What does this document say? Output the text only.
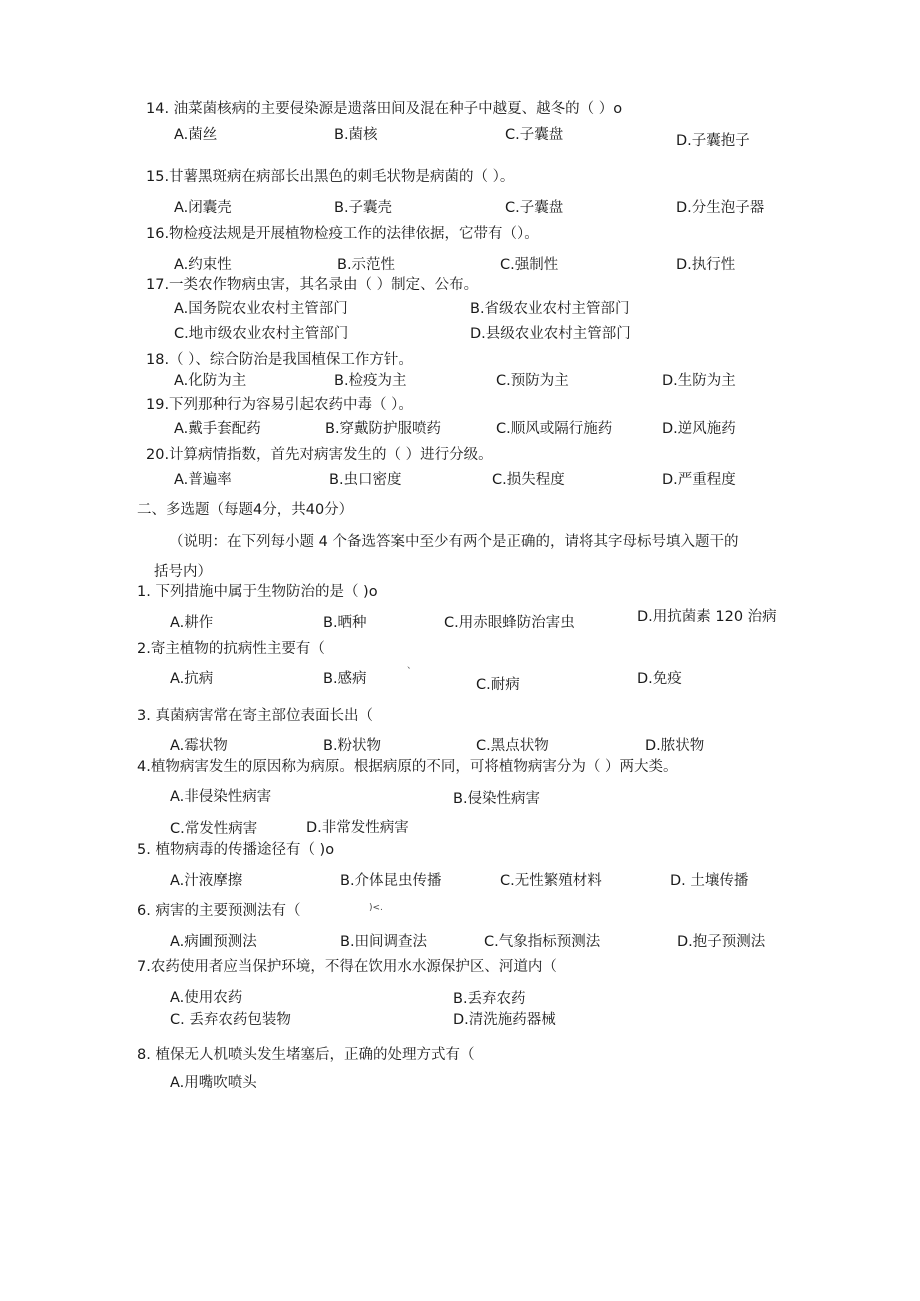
14. 油菜菌核病的主要侵染源是遗落田间及混在种子中越夏、越冬的（ ）o
A.菌丝	B.菌核	C.子囊盘	D.子囊抱子
15.甘薯黑斑病在病部长出黑色的刺毛状物是病菌的（ ）。
A.闭囊壳	B.子囊壳	C.子囊盘	D.分生泡子器
16.物检疫法规是开展植物检疫工作的法律依据，它带有（）。
A.约束性	B.示范性	C.强制性	D.执行性
17.一类农作物病虫害，其名录由（ ）制定、公布。
A.国务院农业农村主管部门	B.省级农业农村主管部门
C.地市级农业农村主管部门	D.县级农业农村主管部门
18.（ ）、综合防治是我国植保工作方针。
A.化防为主	B.检疫为主	C.预防为主	D.生防为主
19.下列那种行为容易引起农药中毒（ ）。
A.戴手套配药	B.穿戴防护服喷药	C.顺风或隔行施药	D.逆风施药
20.计算病情指数，首先对病害发生的（ ）进行分级。
A.普遍率	B.虫口密度	C.损失程度	D.严重程度
二、多选题（每题4分，共40分）
（说明：在下列每小题 4 个备选答案中至少有两个是正确的，请将其字母标号填入题干的
括号内）
1. 下列措施中属于生物防治的是（ )o
A.耕作	B.晒种	C.用赤眼蜂防治害虫	D.用抗菌素 120 治病
2.寄主植物的抗病性主要有（
、
A.抗病	B.感病	C.耐病	D.免疫
3. 真菌病害常在寄主部位表面长出（
A.霉状物	B.粉状物	C.黑点状物	D.脓状物
4.植物病害发生的原因称为病原。根据病原的不同，可将植物病害分为（ ）两大类。
A.非侵染性病害	B.侵染性病害
C.常发性病害	D.非常发性病害
5. 植物病毒的传播途径有（ )o
A.汁液摩擦	B.介体昆虫传播	C.无性繁殖材料	D. 土壤传播
6. 病害的主要预测法有（	)<.
A.病圃预测法	B.田间调查法	C.气象指标预测法	D.抱子预测法
7.农药使用者应当保护环境，不得在饮用水水源保护区、河道内（
A.使用农药	B.丢弃农药
C. 丢弃农药包装物	D.清洗施药器械
8. 植保无人机喷头发生堵塞后，正确的处理方式有（
A.用嘴吹喷头
